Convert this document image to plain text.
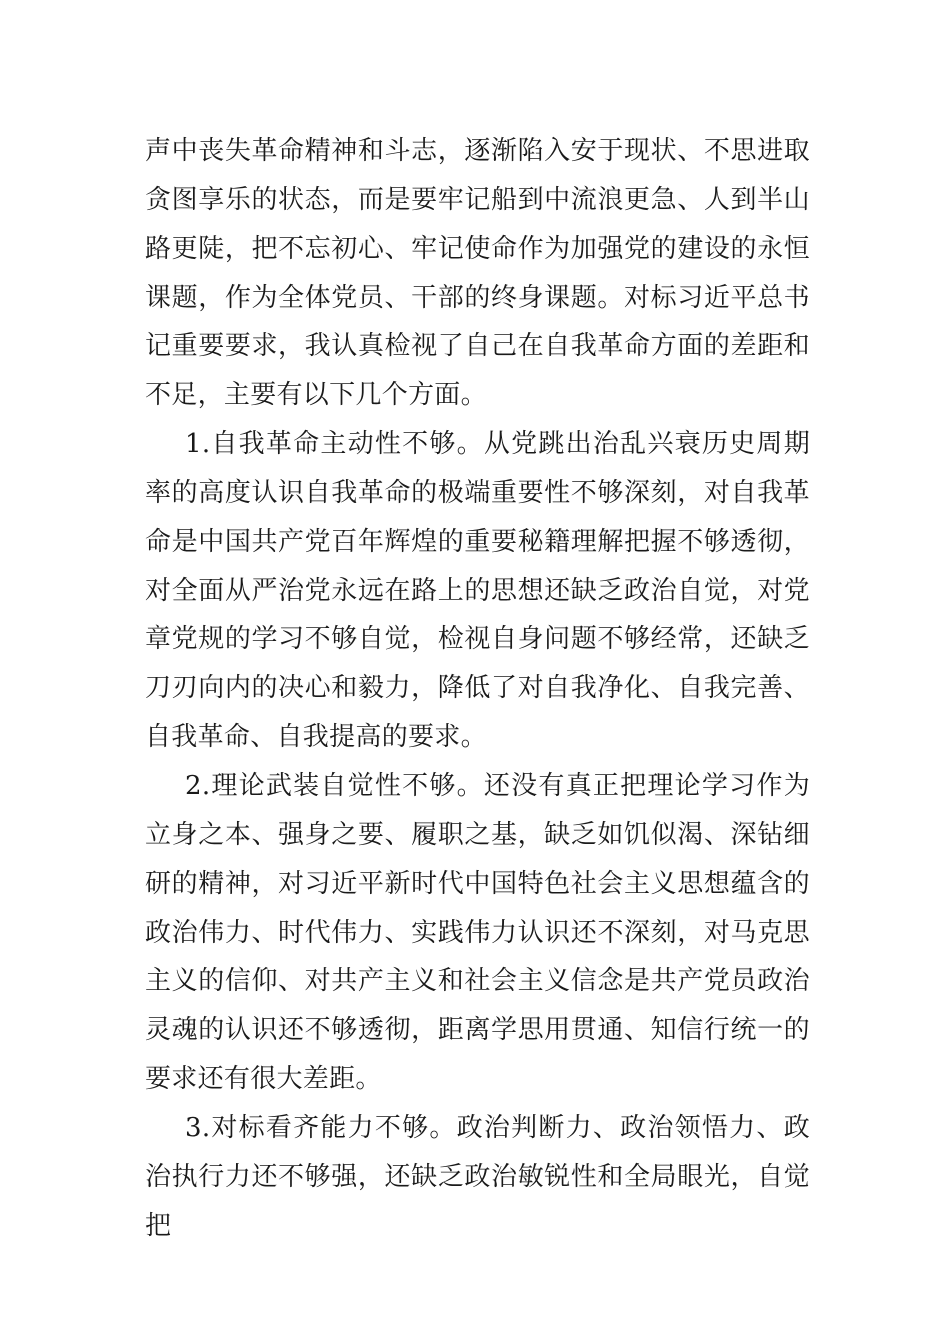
声中丧失革命精神和斗志，逐渐陷入安于现状、不思进取贪图享乐的状态，而是要牢记船到中流浪更急、人到半山路更陡，把不忘初心、牢记使命作为加强党的建设的永恒课题，作为全体党员、干部的终身课题。对标习近平总书记重要要求，我认真检视了自己在自我革命方面的差距和不足，主要有以下几个方面。

1.自我革命主动性不够。从党跳出治乱兴衰历史周期率的高度认识自我革命的极端重要性不够深刻，对自我革命是中国共产党百年辉煌的重要秘籍理解把握不够透彻，对全面从严治党永远在路上的思想还缺乏政治自觉，对党章党规的学习不够自觉，检视自身问题不够经常，还缺乏刀刃向内的决心和毅力，降低了对自我净化、自我完善、自我革命、自我提高的要求。

2.理论武装自觉性不够。还没有真正把理论学习作为立身之本、强身之要、履职之基，缺乏如饥似渴、深钻细研的精神，对习近平新时代中国特色社会主义思想蕴含的政治伟力、时代伟力、实践伟力认识还不深刻，对马克思主义的信仰、对共产主义和社会主义信念是共产党员政治灵魂的认识还不够透彻，距离学思用贯通、知信行统一的要求还有很大差距。

3.对标看齐能力不够。政治判断力、政治领悟力、政治执行力还不够强，还缺乏政治敏锐性和全局眼光，自觉把
